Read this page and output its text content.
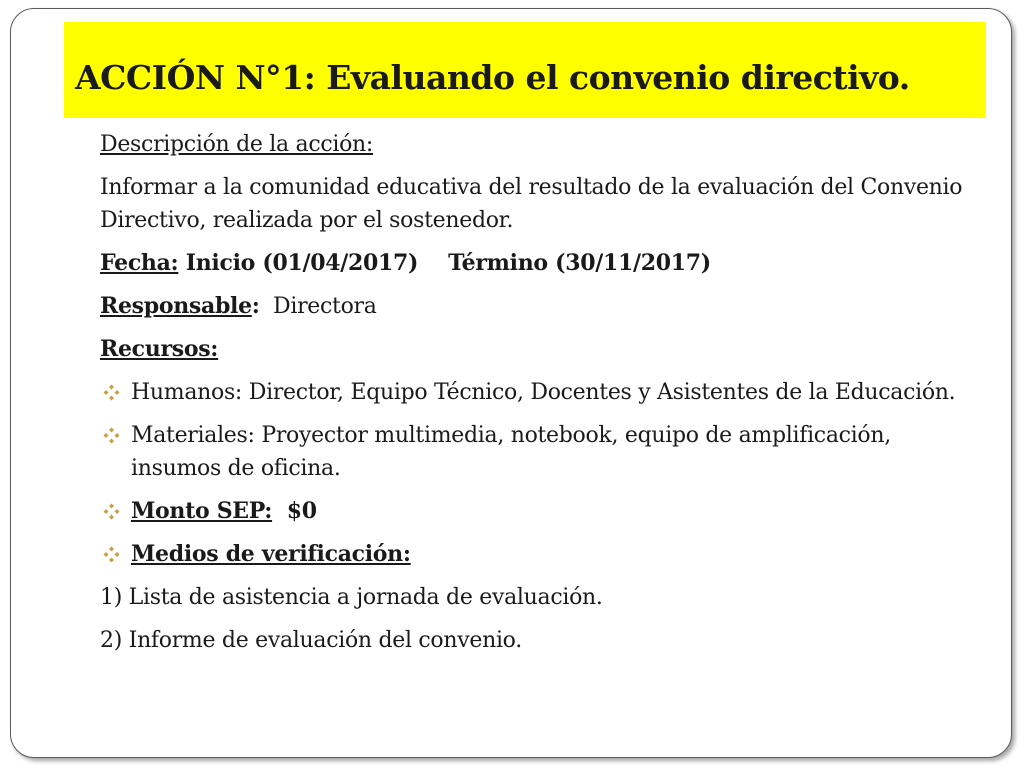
ACCIÓN N°1: Evaluando el convenio directivo.

Descripción de la acción:

Informar a la comunidad educativa del resultado de la evaluación del Convenio Directivo, realizada por el sostenedor.

Fecha: Inicio (01/04/2017) Término (30/11/2017)

Responsable: Directora

Recursos:

Humanos: Director, Equipo Técnico, Docentes y Asistentes de la Educación.
Materiales: Proyector multimedia, notebook, equipo de amplificación, insumos de oficina.
Monto SEP: $0
Medios de verificación:

1) Lista de asistencia a jornada de evaluación.

2) Informe de evaluación del convenio.
